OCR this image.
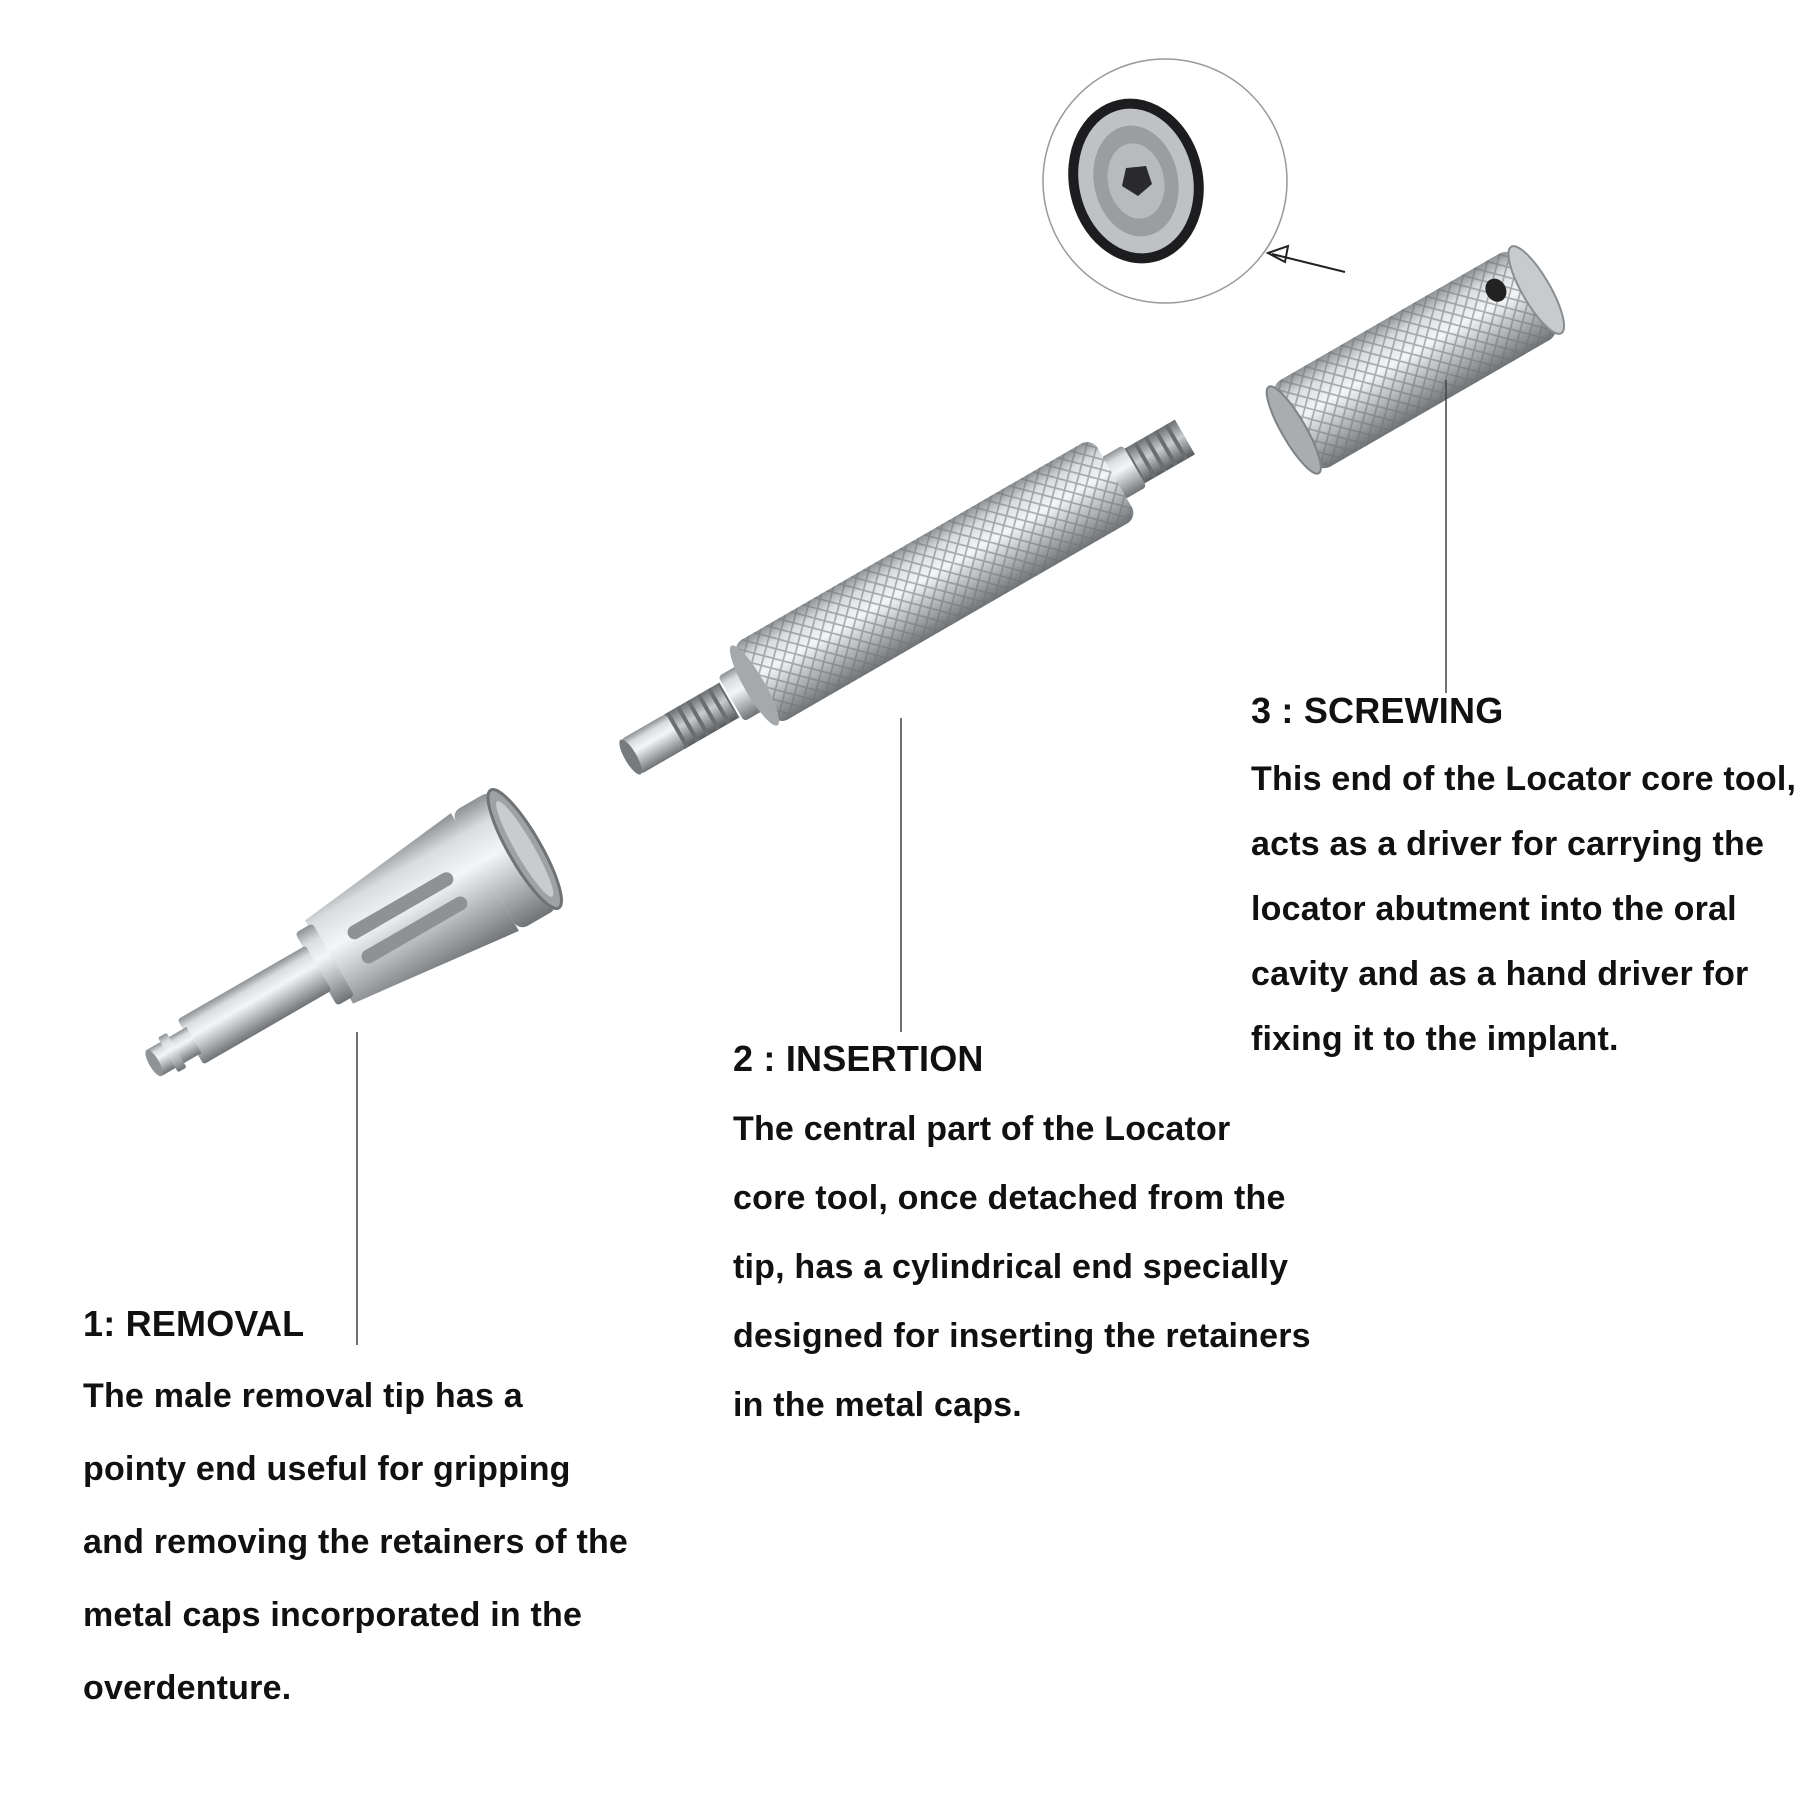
1: REMOVAL
The male removal tip has a
pointy end useful for gripping
and removing the retainers of the
metal caps incorporated in the
overdenture.
2 : INSERTION
The central part of the Locator
core tool, once detached from the
tip, has a cylindrical end specially
designed for inserting the retainers
in the metal caps.
3 : SCREWING
This end of the Locator core tool,
acts as a driver for carrying the
locator abutment into the oral
cavity and as a hand driver for
fixing it to the implant.
